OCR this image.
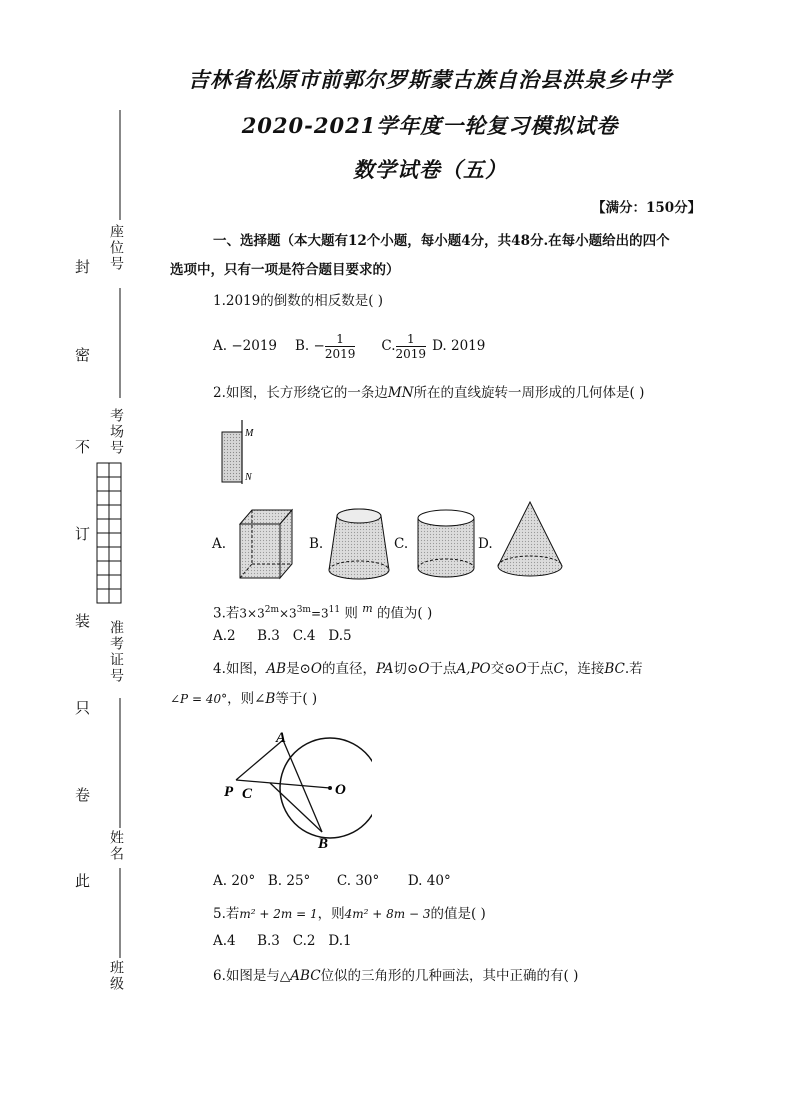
吉林省松原市前郭尔罗斯蒙古族自治县洪泉乡中学
2020-2021学年度一轮复习模拟试卷
数学试卷（五）
【满分：150分】
封
密
不
订
装
只
卷
此
座位号
考场号
准考证号
姓名
班级
一、选择题（本大题有12个小题，每小题4分，共48分.在每小题给出的四个
选项中，只有一项是符合题目要求的）
1.2019的倒数的相反数是( )
A. −2019 B. − $\frac{1}{2019} C$. $\frac{1}{2019} D$. 2019
2.如图，长方形绕它的一条边MN所在的直线旋转一周形成的几何体是( )
M
N
A.	B.	C.	D.
3.若$3\times 3^{2m}\times 3^{3m}=3^{11}$ 则 $^m$ 的值为( )
A.2     B.3   C.4   D.5
4.如图，AB是⊙O的直径，PA切⊙O于点A,PO交⊙O于点C，连接BC.若
∠P = 40°，则∠B等于( )
A
O
P C
B
A. 20° B. 25° C. 30° D. 40°
5.若m² + 2m = 1，则4m² + 8m − 3的值是( )
A.4     B.3   C.2   D.1
6.如图是与△ABC位似的三角形的几种画法，其中正确的有( )
